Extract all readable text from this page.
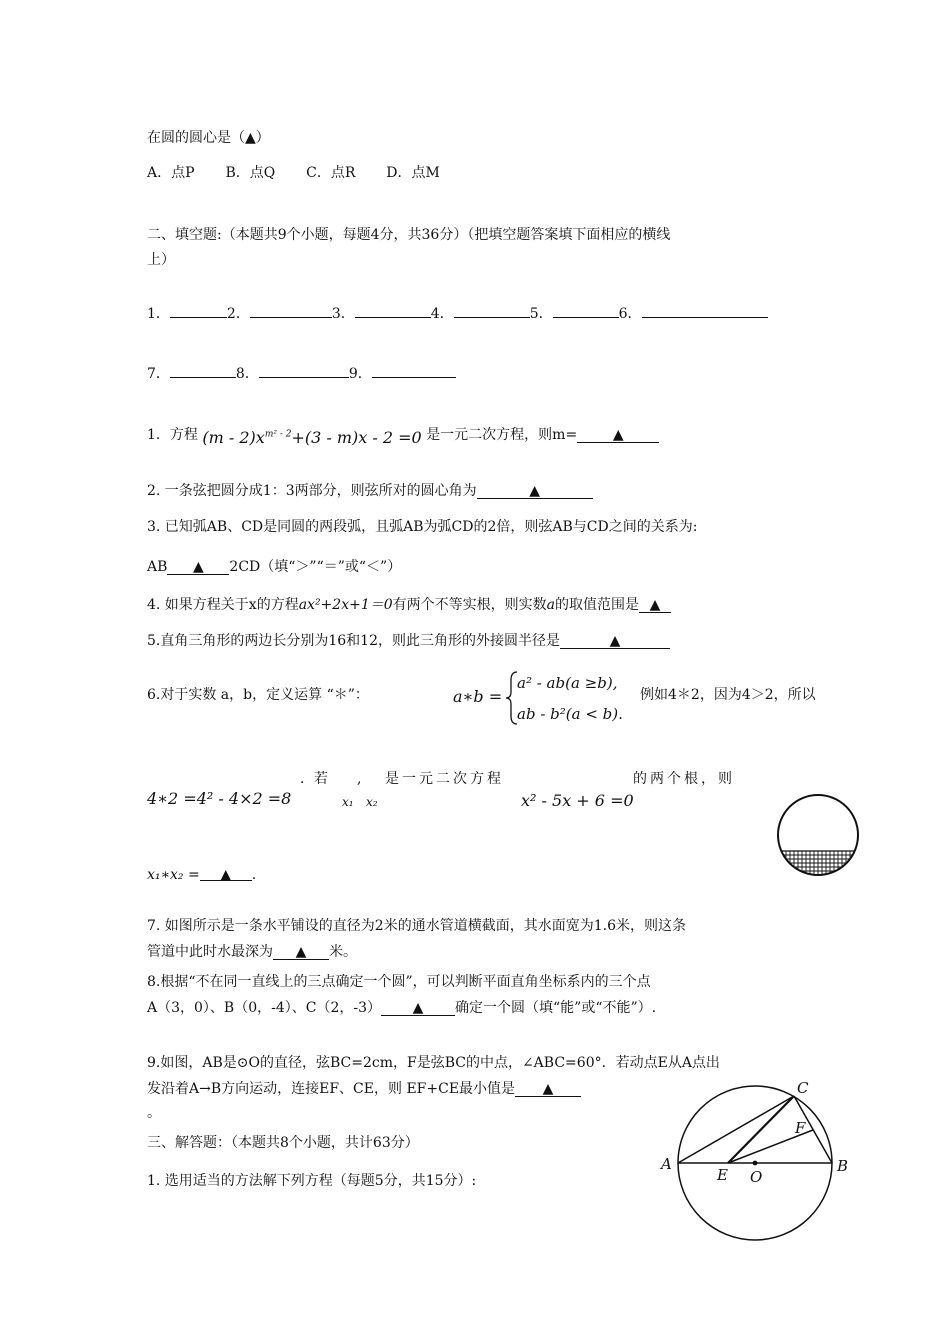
在圆的圆心是（▲）
A．点P B．点Q C．点R D．点M
二、填空题:（本题共9个小题，每题4分，共36分）（把填空题答案填下面相应的横线
上）
1．	2．	3．	4．	5．	6．
7．	8．	9．
1．方程 $(m - 2)x^{m^2 - 2}+(3 - m)x - 2 =0$ 是一元二次方程，则m=	▲
2. 一条弦把圆分成1：3两部分，则弦所对的圆心角为	▲
3. 已知弧AB、CD是同圆的两段弧，且弧AB为弧CD的2倍，则弦AB与CD之间的关系为:
AB ▲ 2CD（填“＞”“＝”或“＜”）
4. 如果方程关于x的方程ax²+2x+1＝0有两个不等实根，则实数a的取值范围是 ▲
5.直角三角形的两边长分别为16和12，则此三角形的外接圆半径是	▲
6.对于实数 a，b，定义运算 “＊”：	a∗b =
a² - ab(a ≥b),
ab - b²(a < b).
例如4＊2，因为4＞2，所以
4∗2 =4² - 4×2 =8
．若
x₁
,
x₂
是一元二次方程
x² - 5x + 6 =0
的两个根，则
x₁∗x₂ = ▲ .
7. 如图所示是一条水平铺设的直径为2米的通水管道横截面，其水面宽为1.6米，则这条
管道中此时水最深为 ▲ 米。
8.根据“不在同一直线上的三点确定一个圆”，可以判断平面直角坐标系内的三个点
A（3，0）、B（0，-4）、C（2，-3） ▲ 确定一个圆（填“能”或“不能”）.
9.如图，AB是⊙O的直径，弦BC=2cm，F是弦BC的中点，∠ABC=60°．若动点E从A点出
发沿着A→B方向运动，连接EF、CE，则 EF+CE最小值是 ▲
。
三、解答题：（本题共8个小题，共计63分）
1. 选用适当的方法解下列方程（每题5分，共15分）:
A	B
C
F
E O
